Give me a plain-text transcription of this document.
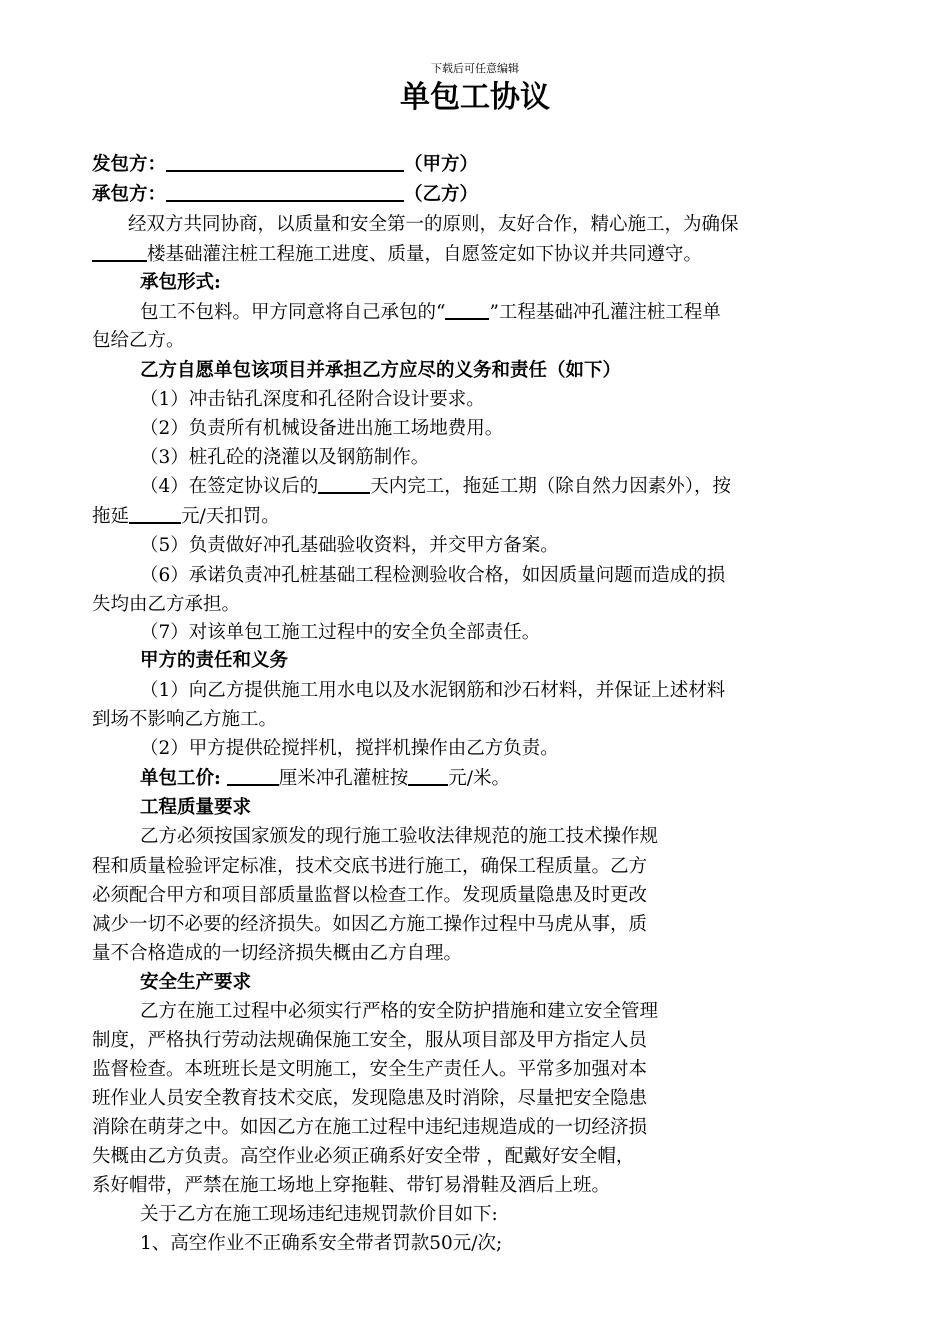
下载后可任意编辑
单包工协议
发包方：	（甲方）
承包方：	（乙方）
经双方共同协商，以质量和安全第一的原则，友好合作，精心施工，为确保
楼基础灌注桩工程施工进度、质量，自愿签定如下协议并共同遵守。
承包形式:
包工不包料。甲方同意将自己承包的“ ”工程基础冲孔灌注桩工程单
包给乙方。
乙方自愿单包该项目并承担乙方应尽的义务和责任（如下）
（1）冲击钻孔深度和孔径附合设计要求。
（2）负责所有机械设备进出施工场地费用。
（3）桩孔砼的浇灌以及钢筋制作。
（4）在签定协议后的	天内完工，拖延工期（除自然力因素外），按
拖延	元/天扣罚。
（5）负责做好冲孔基础验收资料，并交甲方备案。
（6）承诺负责冲孔桩基础工程检测验收合格，如因质量问题而造成的损
失均由乙方承担。
（7）对该单包工施工过程中的安全负全部责任。
甲方的责任和义务
（1）向乙方提供施工用水电以及水泥钢筋和沙石材料，并保证上述材料
到场不影响乙方施工。
（2）甲方提供砼搅拌机，搅拌机操作由乙方负责。
单包工价:	厘米冲孔灌桩按 元/米。
工程质量要求
乙方必须按国家颁发的现行施工验收法律规范的施工技术操作规
程和质量检验评定标准，技术交底书进行施工，确保工程质量。乙方
必须配合甲方和项目部质量监督以检查工作。发现质量隐患及时更改
减少一切不必要的经济损失。如因乙方施工操作过程中马虎从事，质
量不合格造成的一切经济损失概由乙方自理。
安全生产要求
乙方在施工过程中必须实行严格的安全防护措施和建立安全管理
制度，严格执行劳动法规确保施工安全，服从项目部及甲方指定人员
监督检查。本班班长是文明施工，安全生产责任人。平常多加强对本
班作业人员安全教育技术交底，发现隐患及时消除，尽量把安全隐患
消除在萌芽之中。如因乙方在施工过程中违纪违规造成的一切经济损
失概由乙方负责。高空作业必须正确系好安全带 ，配戴好安全帽，
系好帽带，严禁在施工场地上穿拖鞋、带钉易滑鞋及酒后上班。
关于乙方在施工现场违纪违规罚款价目如下:
1、高空作业不正确系安全带者罚款50元/次;
